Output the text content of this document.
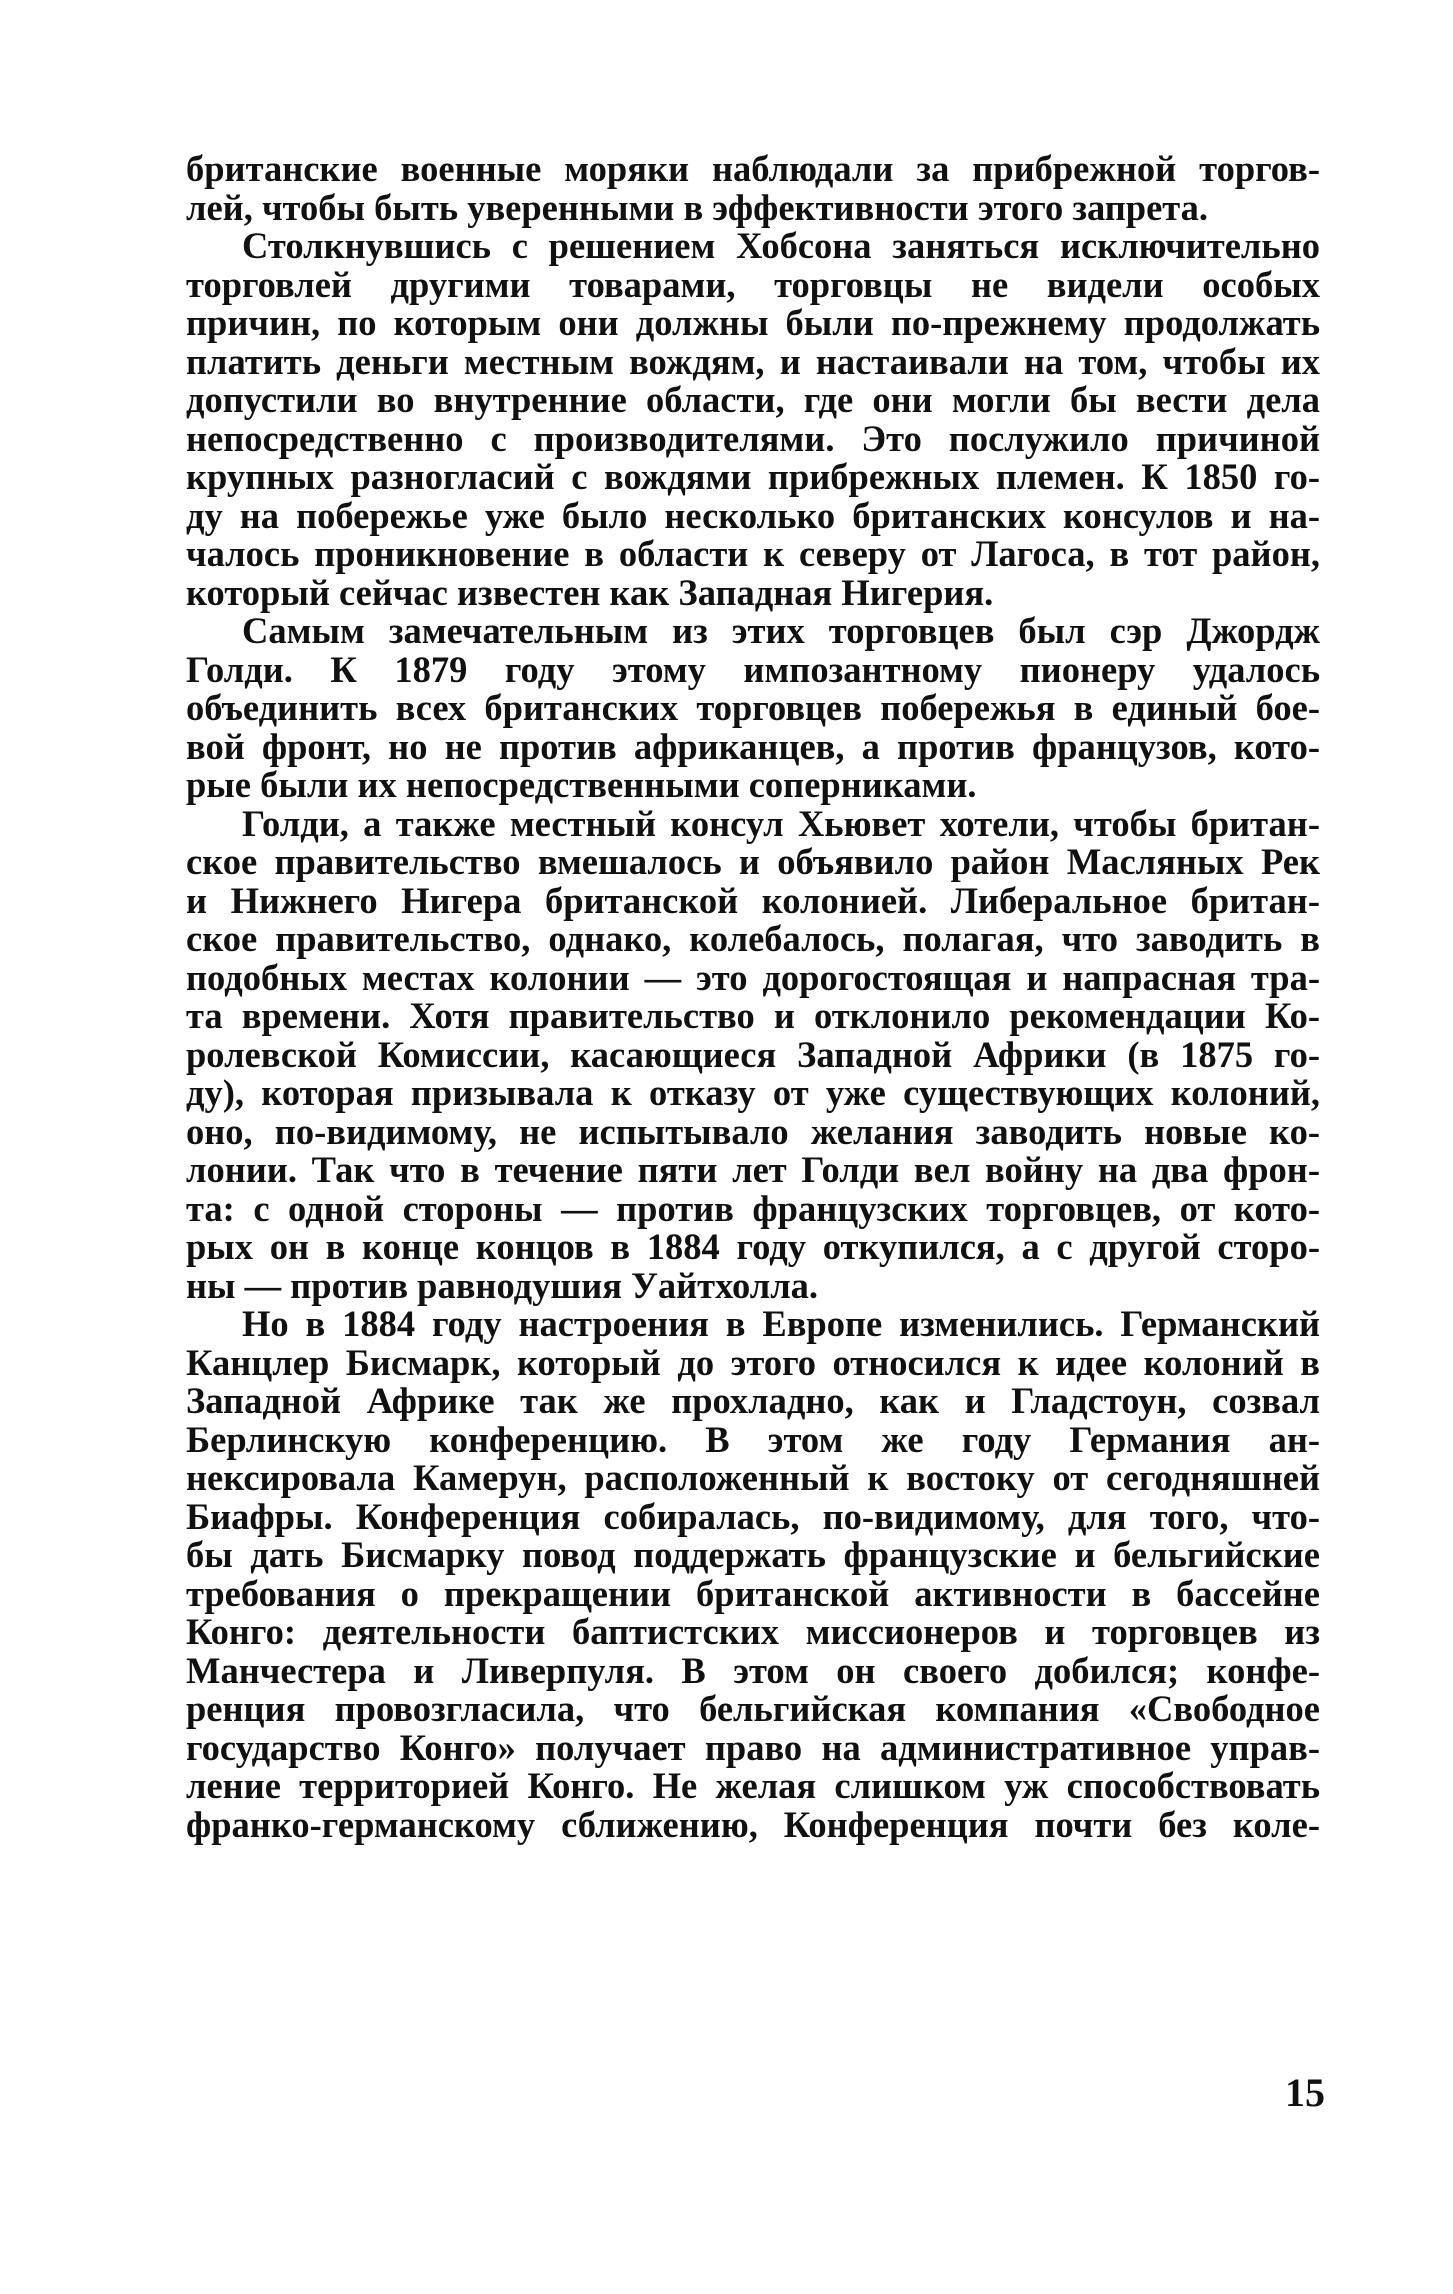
британские военные моряки наблюдали за прибрежной торгов-
лей, чтобы быть уверенными в эффективности этого запрета.
Столкнувшись с решением Хобсона заняться исключительно
торговлей другими товарами, торговцы не видели особых
причин, по которым они должны были по-прежнему продолжать
платить деньги местным вождям, и настаивали на том, чтобы их
допустили во внутренние области, где они могли бы вести дела
непосредственно с производителями. Это послужило причиной
крупных разногласий с вождями прибрежных племен. К 1850 го-
ду на побережье уже было несколько британских консулов и на-
чалось проникновение в области к северу от Лагоса, в тот район,
который сейчас известен как Западная Нигерия.
Самым замечательным из этих торговцев был сэр Джордж
Голди. К 1879 году этому импозантному пионеру удалось
объединить всех британских торговцев побережья в единый бое-
вой фронт, но не против африканцев, а против французов, кото-
рые были их непосредственными соперниками.
Голди, а также местный консул Хьювет хотели, чтобы британ-
ское правительство вмешалось и объявило район Масляных Рек
и Нижнего Нигера британской колонией. Либеральное британ-
ское правительство, однако, колебалось, полагая, что заводить в
подобных местах колонии — это дорогостоящая и напрасная тра-
та времени. Хотя правительство и отклонило рекомендации Ко-
ролевской Комиссии, касающиеся Западной Африки (в 1875 го-
ду), которая призывала к отказу от уже существующих колоний,
оно, по-видимому, не испытывало желания заводить новые ко-
лонии. Так что в течение пяти лет Голди вел войну на два фрон-
та: с одной стороны — против французских торговцев, от кото-
рых он в конце концов в 1884 году откупился, а с другой сторо-
ны — против равнодушия Уайтхолла.
Но в 1884 году настроения в Европе изменились. Германский
Канцлер Бисмарк, который до этого относился к идее колоний в
Западной Африке так же прохладно, как и Гладстоун, созвал
Берлинскую конференцию. В этом же году Германия ан-
нексировала Камерун, расположенный к востоку от сегодняшней
Биафры. Конференция собиралась, по-видимому, для того, что-
бы дать Бисмарку повод поддержать французские и бельгийские
требования о прекращении британской активности в бассейне
Конго: деятельности баптистских миссионеров и торговцев из
Манчестера и Ливерпуля. В этом он своего добился; конфе-
ренция провозгласила, что бельгийская компания «Свободное
государство Конго» получает право на административное управ-
ление территорией Конго. Не желая слишком уж способствовать
франко-германскому сближению, Конференция почти без коле-
15
